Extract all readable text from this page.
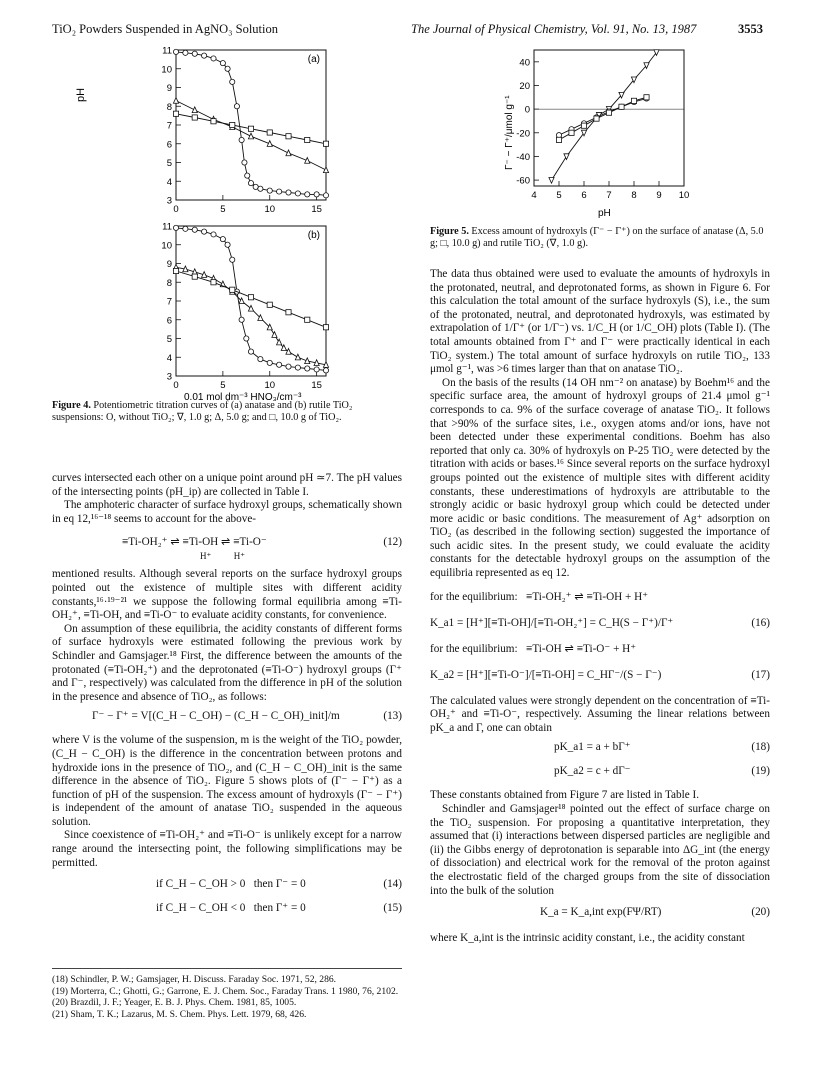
TiO₂ Powders Suspended in AgNO₃ Solution	The Journal of Physical Chemistry, Vol. 91, No. 13, 1987	3553
3
4
5
6
7
8
9
10
11
0	5	10	15
(a)
3
4
5
6
7
8
9
10
11
0	5	10	15
(b)
pH
0.01 mol dm⁻³ HNO₃/cm⁻³
Figure 4. Potentiometric titration curves of (a) anatase and (b) rutile TiO₂ suspensions: O, without TiO₂; ∇, 1.0 g; Δ, 5.0 g; and □, 10.0 g of TiO₂.

curves intersected each other on a unique point around pH ≃7. The pH values of the intersecting points (pH_ip) are collected in Table I.

The amphoteric character of surface hydroxyl groups, schematically shown in eq 12,¹⁶⁻¹⁸ seems to account for the above-

≡Ti-OH₂⁺ ⇌ ≡Ti-OH ⇌ ≡Ti-O⁻
H⁺          H⁺
(12)

mentioned results. Although several reports on the surface hydroxyl groups pointed out the existence of multiple sites with different acidity constants,¹⁶·¹⁹⁻²¹ we suppose the following formal equilibria among ≡Ti-OH₂⁺, ≡Ti-OH, and ≡Ti-O⁻ to evaluate acidity constants, for convenience.

On assumption of these equilibria, the acidity constants of different forms of surface hydroxyls were estimated following the previous work by Schindler and Gamsjager.¹⁸ First, the difference between the amounts of the protonated (≡Ti-OH₂⁺) and the deprotonated (≡Ti-O⁻) hydroxyl groups (Γ⁺ and Γ⁻, respectively) was calculated from the difference in pH of the solution in the presence and absence of TiO₂, as follows:

Γ⁻ − Γ⁺ = V[(C_H − C_OH) − (C_H − C_OH)_init]/m	(13)

where V is the volume of the suspension, m is the weight of the TiO₂ powder, (C_H − C_OH) is the difference in the concentration between protons and hydroxide ions in the presence of TiO₂, and (C_H − C_OH)_init is the same difference in the absence of TiO₂. Figure 5 shows plots of (Γ⁻ − Γ⁺) as a function of pH of the suspension. The excess amount of hydroxyls (Γ⁻ − Γ⁺) is independent of the amount of anatase TiO₂ suspended in the aqueous solution.

Since coexistence of ≡Ti-OH₂⁺ and ≡Ti-O⁻ is unlikely except for a narrow range around the intersecting point, the following simplifications may be permitted.

if C_H − C_OH > 0   then Γ⁻ = 0	(14)
if C_H − C_OH < 0   then Γ⁺ = 0	(15)
(18) Schindler, P. W.; Gamsjager, H. Discuss. Faraday Soc. 1971, 52, 286.
(19) Morterra, C.; Ghotti, G.; Garrone, E. J. Chem. Soc., Faraday Trans. 1 1980, 76, 2102.
(20) Brazdil, J. F.; Yeager, E. B. J. Phys. Chem. 1981, 85, 1005.
(21) Sham, T. K.; Lazarus, M. S. Chem. Phys. Lett. 1979, 68, 426.
40
20
0
-20
-40
-60
4 5 6 7 8 9 10
Γ⁻ − Γ⁺/μmol g⁻¹
pH
Figure 5. Excess amount of hydroxyls (Γ⁻ − Γ⁺) on the surface of anatase (Δ, 5.0 g; □, 10.0 g) and rutile TiO₂ (∇, 1.0 g).

The data thus obtained were used to evaluate the amounts of hydroxyls in the protonated, neutral, and deprotonated forms, as shown in Figure 6. For this calculation the total amount of the surface hydroxyls (S), i.e., the sum of the protonated, neutral, and deprotonated hydroxyls, was estimated by extrapolation of 1/Γ⁺ (or 1/Γ⁻) vs. 1/C_H (or 1/C_OH) plots (Table I). (The total amounts obtained from Γ⁺ and Γ⁻ were practically identical in each TiO₂ system.) The total amount of surface hydroxyls on rutile TiO₂, 133 μmol g⁻¹, was >6 times larger than that on anatase TiO₂.

On the basis of the results (14 OH nm⁻² on anatase) by Boehm¹⁶ and the specific surface area, the amount of hydroxyl groups of 21.4 μmol g⁻¹ corresponds to ca. 9% of the surface coverage of anatase TiO₂. It follows that >90% of the surface sites, i.e., oxygen atoms and/or ions, have not been detected under these experimental conditions. Boehm has also reported that only ca. 30% of hydroxyls on P-25 TiO₂ were detected by the titration with acids or bases.¹⁶ Since several reports on the surface hydroxyl groups pointed out the existence of multiple sites with different acidity constants, these underestimations of hydroxyls are attributable to the strongly acidic or basic hydroxyl group which could be detected under more acidic or basic conditions. The measurement of Ag⁺ adsorption on TiO₂ (as described in the following section) suggested the importance of such acidic sites. In the present study, we could evaluate the acidity constants for the detectable hydroxyl groups on the assumption of the equilibria represented as eq 12.

for the equilibrium:   ≡Ti-OH₂⁺ ⇌ ≡Ti-OH + H⁺
K_a1 = [H⁺][≡Ti-OH]/[≡Ti-OH₂⁺] = C_H(S − Γ⁺)/Γ⁺	(16)
for the equilibrium:   ≡Ti-OH ⇌ ≡Ti-O⁻ + H⁺
K_a2 = [H⁺][≡Ti-O⁻]/[≡Ti-OH] = C_HΓ⁻/(S − Γ⁻)	(17)

The calculated values were strongly dependent on the concentration of ≡Ti-OH₂⁺ and ≡Ti-O⁻, respectively. Assuming the linear relations between pK_a and Γ, one can obtain

pK_a1 = a + bΓ⁺	(18)
pK_a2 = c + dΓ⁻	(19)

These constants obtained from Figure 7 are listed in Table I.

Schindler and Gamsjager¹⁸ pointed out the effect of surface charge on the TiO₂ suspension. For proposing a quantitative interpretation, they assumed that (i) interactions between dispersed particles are negligible and (ii) the Gibbs energy of deprotonation is separable into ΔG_int (the energy of dissociation) and electrical work for the removal of the proton against the electrostatic field of the charged groups from the site of dissociation into the bulk of the solution

K_a = K_a,int exp(FΨ/RT)	(20)

where K_a,int is the intrinsic acidity constant, i.e., the acidity constant
